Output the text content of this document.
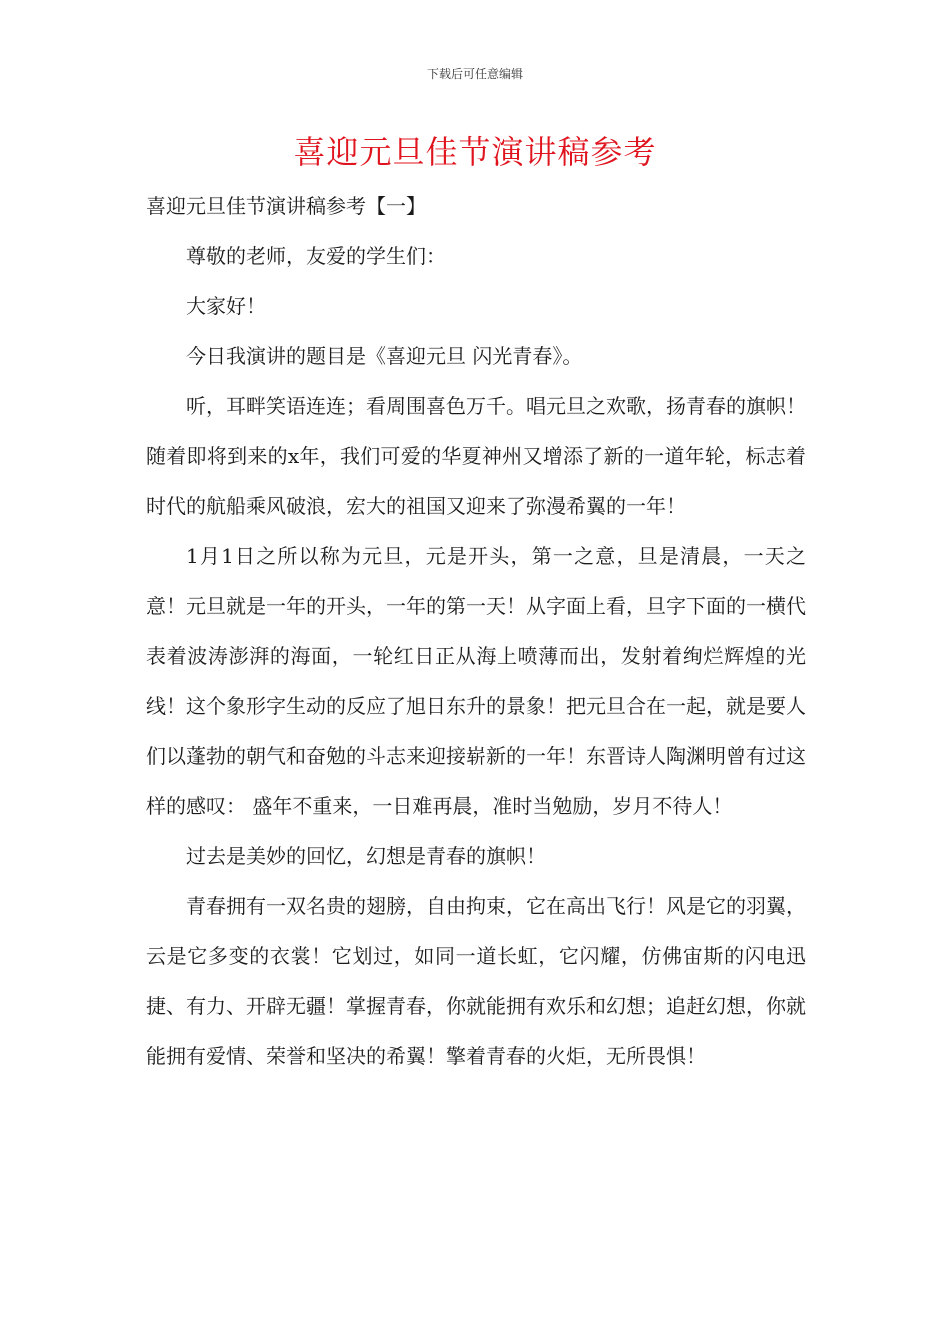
下载后可任意编辑
喜迎元旦佳节演讲稿参考

喜迎元旦佳节演讲稿参考【一】

尊敬的老师，友爱的学生们：

大家好！

今日我演讲的题目是《喜迎元旦 闪光青春》。

听，耳畔笑语连连；看周围喜色万千。唱元旦之欢歌，扬青春的旗帜！ 随着即将到来的x年，我们可爱的华夏神州又增添了新的一道年轮，标志着时代的航船乘风破浪，宏大的祖国又迎来了弥漫希翼的一年！

1月1日之所以称为元旦，元是开头，第一之意，旦是清晨，一天之意！元旦就是一年的开头，一年的第一天！从字面上看，旦字下面的一横代表着波涛澎湃的海面，一轮红日正从海上喷薄而出，发射着绚烂辉煌的光线！这个象形字生动的反应了旭日东升的景象！把元旦合在一起，就是要人们以蓬勃的朝气和奋勉的斗志来迎接崭新的一年！东晋诗人陶渊明曾有过这样的感叹： 盛年不重来，一日难再晨，准时当勉励，岁月不待人！

过去是美妙的回忆，幻想是青春的旗帜！

青春拥有一双名贵的翅膀，自由拘束，它在高出飞行！风是它的羽翼，云是它多变的衣裳！它划过，如同一道长虹，它闪耀，仿佛宙斯的闪电迅捷、有力、开辟无疆！掌握青春，你就能拥有欢乐和幻想；追赶幻想，你就能拥有爱情、荣誉和坚决的希翼！擎着青春的火炬，无所畏惧！
